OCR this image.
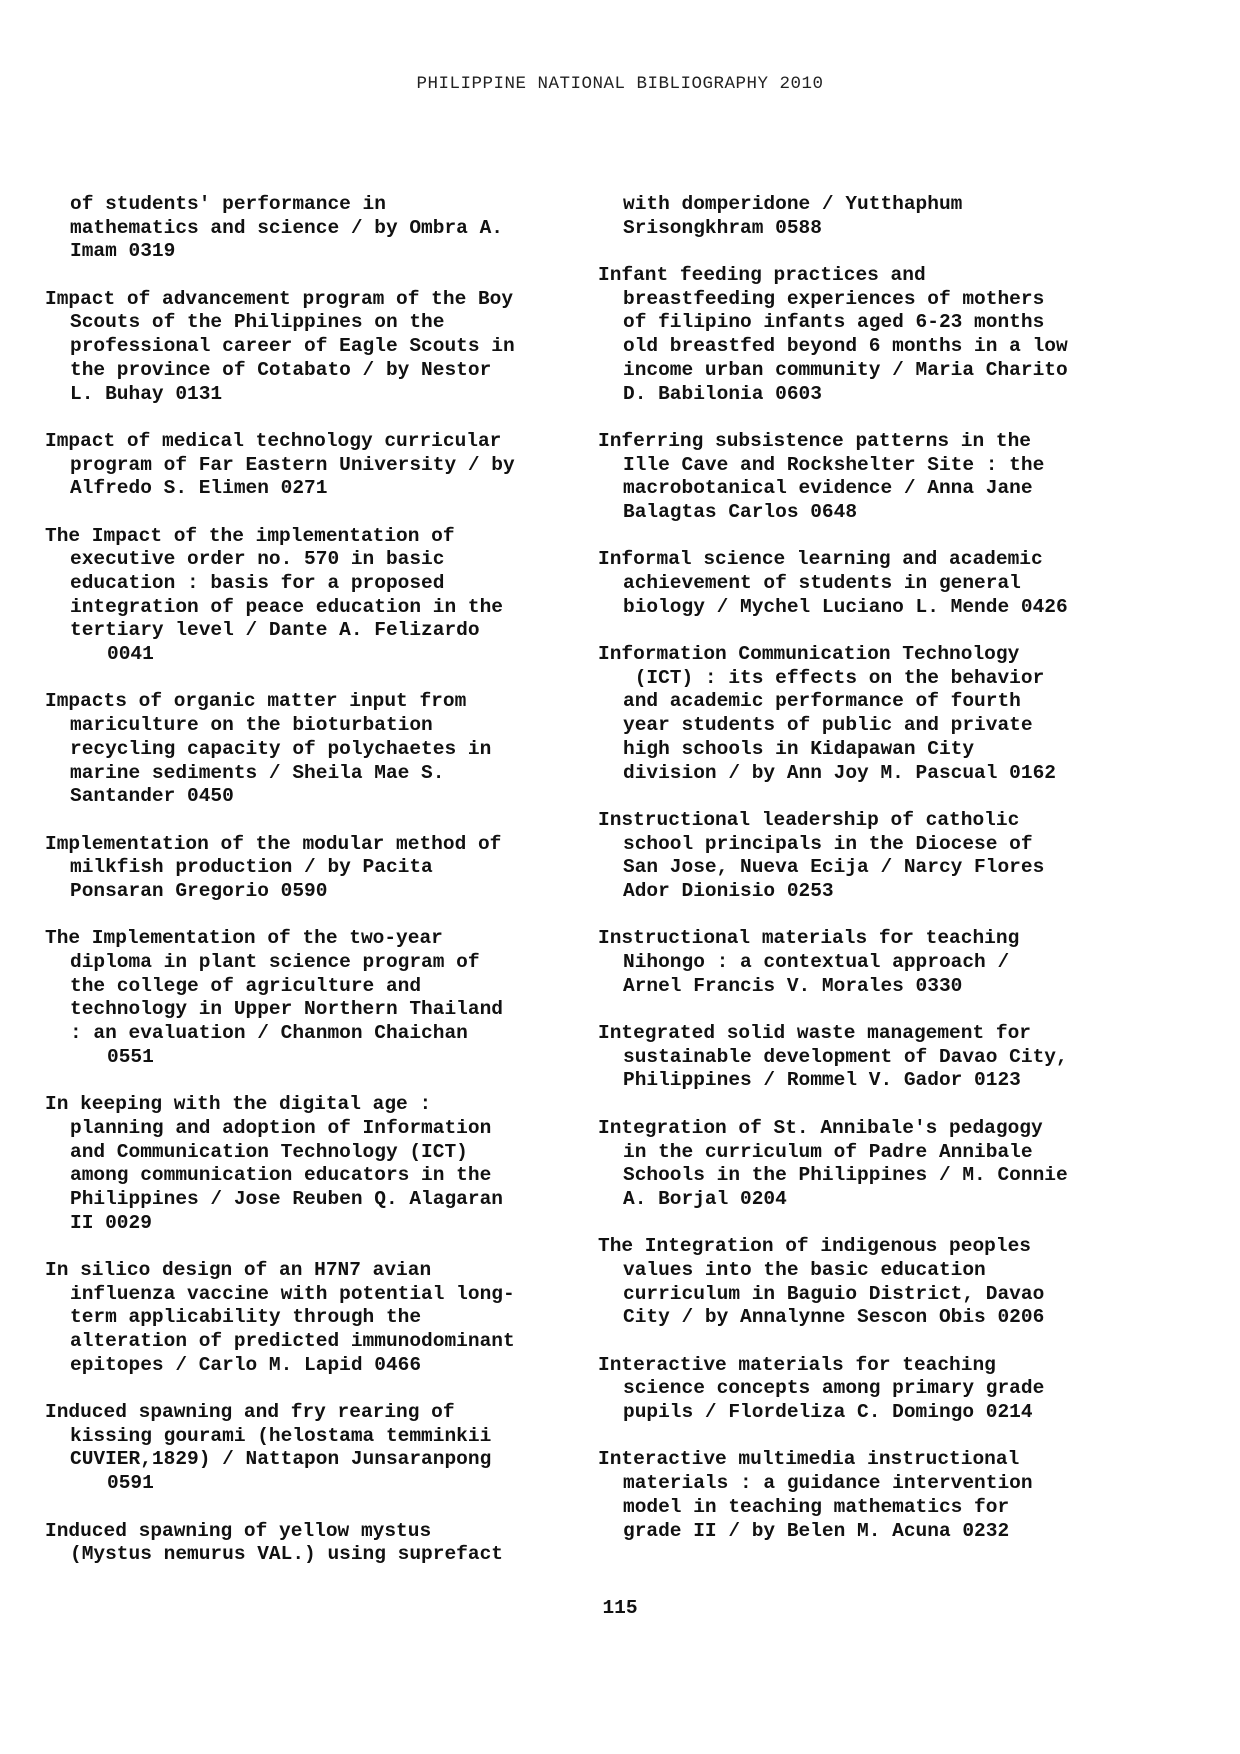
PHILIPPINE NATIONAL BIBLIOGRAPHY 2010
of students' performance in
mathematics and science / by Ombra A.
Imam 0319
Impact of advancement program of the Boy
Scouts of the Philippines on the
professional career of Eagle Scouts in
the province of Cotabato / by Nestor
L. Buhay 0131
Impact of medical technology curricular
program of Far Eastern University / by
Alfredo S. Elimen 0271
The Impact of the implementation of
executive order no. 570 in basic
education : basis for a proposed
integration of peace education in the
tertiary level / Dante A. Felizardo
0041
Impacts of organic matter input from
mariculture on the bioturbation
recycling capacity of polychaetes in
marine sediments / Sheila Mae S.
Santander 0450
Implementation of the modular method of
milkfish production / by Pacita
Ponsaran Gregorio 0590
The Implementation of the two-year
diploma in plant science program of
the college of agriculture and
technology in Upper Northern Thailand
: an evaluation / Chanmon Chaichan
0551
In keeping with the digital age :
planning and adoption of Information
and Communication Technology (ICT)
among communication educators in the
Philippines / Jose Reuben Q. Alagaran
II 0029
In silico design of an H7N7 avian
influenza vaccine with potential long-
term applicability through the
alteration of predicted immunodominant
epitopes / Carlo M. Lapid 0466
Induced spawning and fry rearing of
kissing gourami (helostama temminkii
CUVIER,1829) / Nattapon Junsaranpong
0591
Induced spawning of yellow mystus
(Mystus nemurus VAL.) using suprefact
with domperidone / Yutthaphum
Srisongkhram 0588
Infant feeding practices and
breastfeeding experiences of mothers
of filipino infants aged 6-23 months
old breastfed beyond 6 months in a low
income urban community / Maria Charito
D. Babilonia 0603
Inferring subsistence patterns in the
Ille Cave and Rockshelter Site : the
macrobotanical evidence / Anna Jane
Balagtas Carlos 0648
Informal science learning and academic
achievement of students in general
biology / Mychel Luciano L. Mende 0426
Information Communication Technology
(ICT) : its effects on the behavior
and academic performance of fourth
year students of public and private
high schools in Kidapawan City
division / by Ann Joy M. Pascual 0162
Instructional leadership of catholic
school principals in the Diocese of
San Jose, Nueva Ecija / Narcy Flores
Ador Dionisio 0253
Instructional materials for teaching
Nihongo : a contextual approach /
Arnel Francis V. Morales 0330
Integrated solid waste management for
sustainable development of Davao City,
Philippines / Rommel V. Gador 0123
Integration of St. Annibale's pedagogy
in the curriculum of Padre Annibale
Schools in the Philippines / M. Connie
A. Borjal 0204
The Integration of indigenous peoples
values into the basic education
curriculum in Baguio District, Davao
City / by Annalynne Sescon Obis 0206
Interactive materials for teaching
science concepts among primary grade
pupils / Flordeliza C. Domingo 0214
Interactive multimedia instructional
materials : a guidance intervention
model in teaching mathematics for
grade II / by Belen M. Acuna 0232
115
